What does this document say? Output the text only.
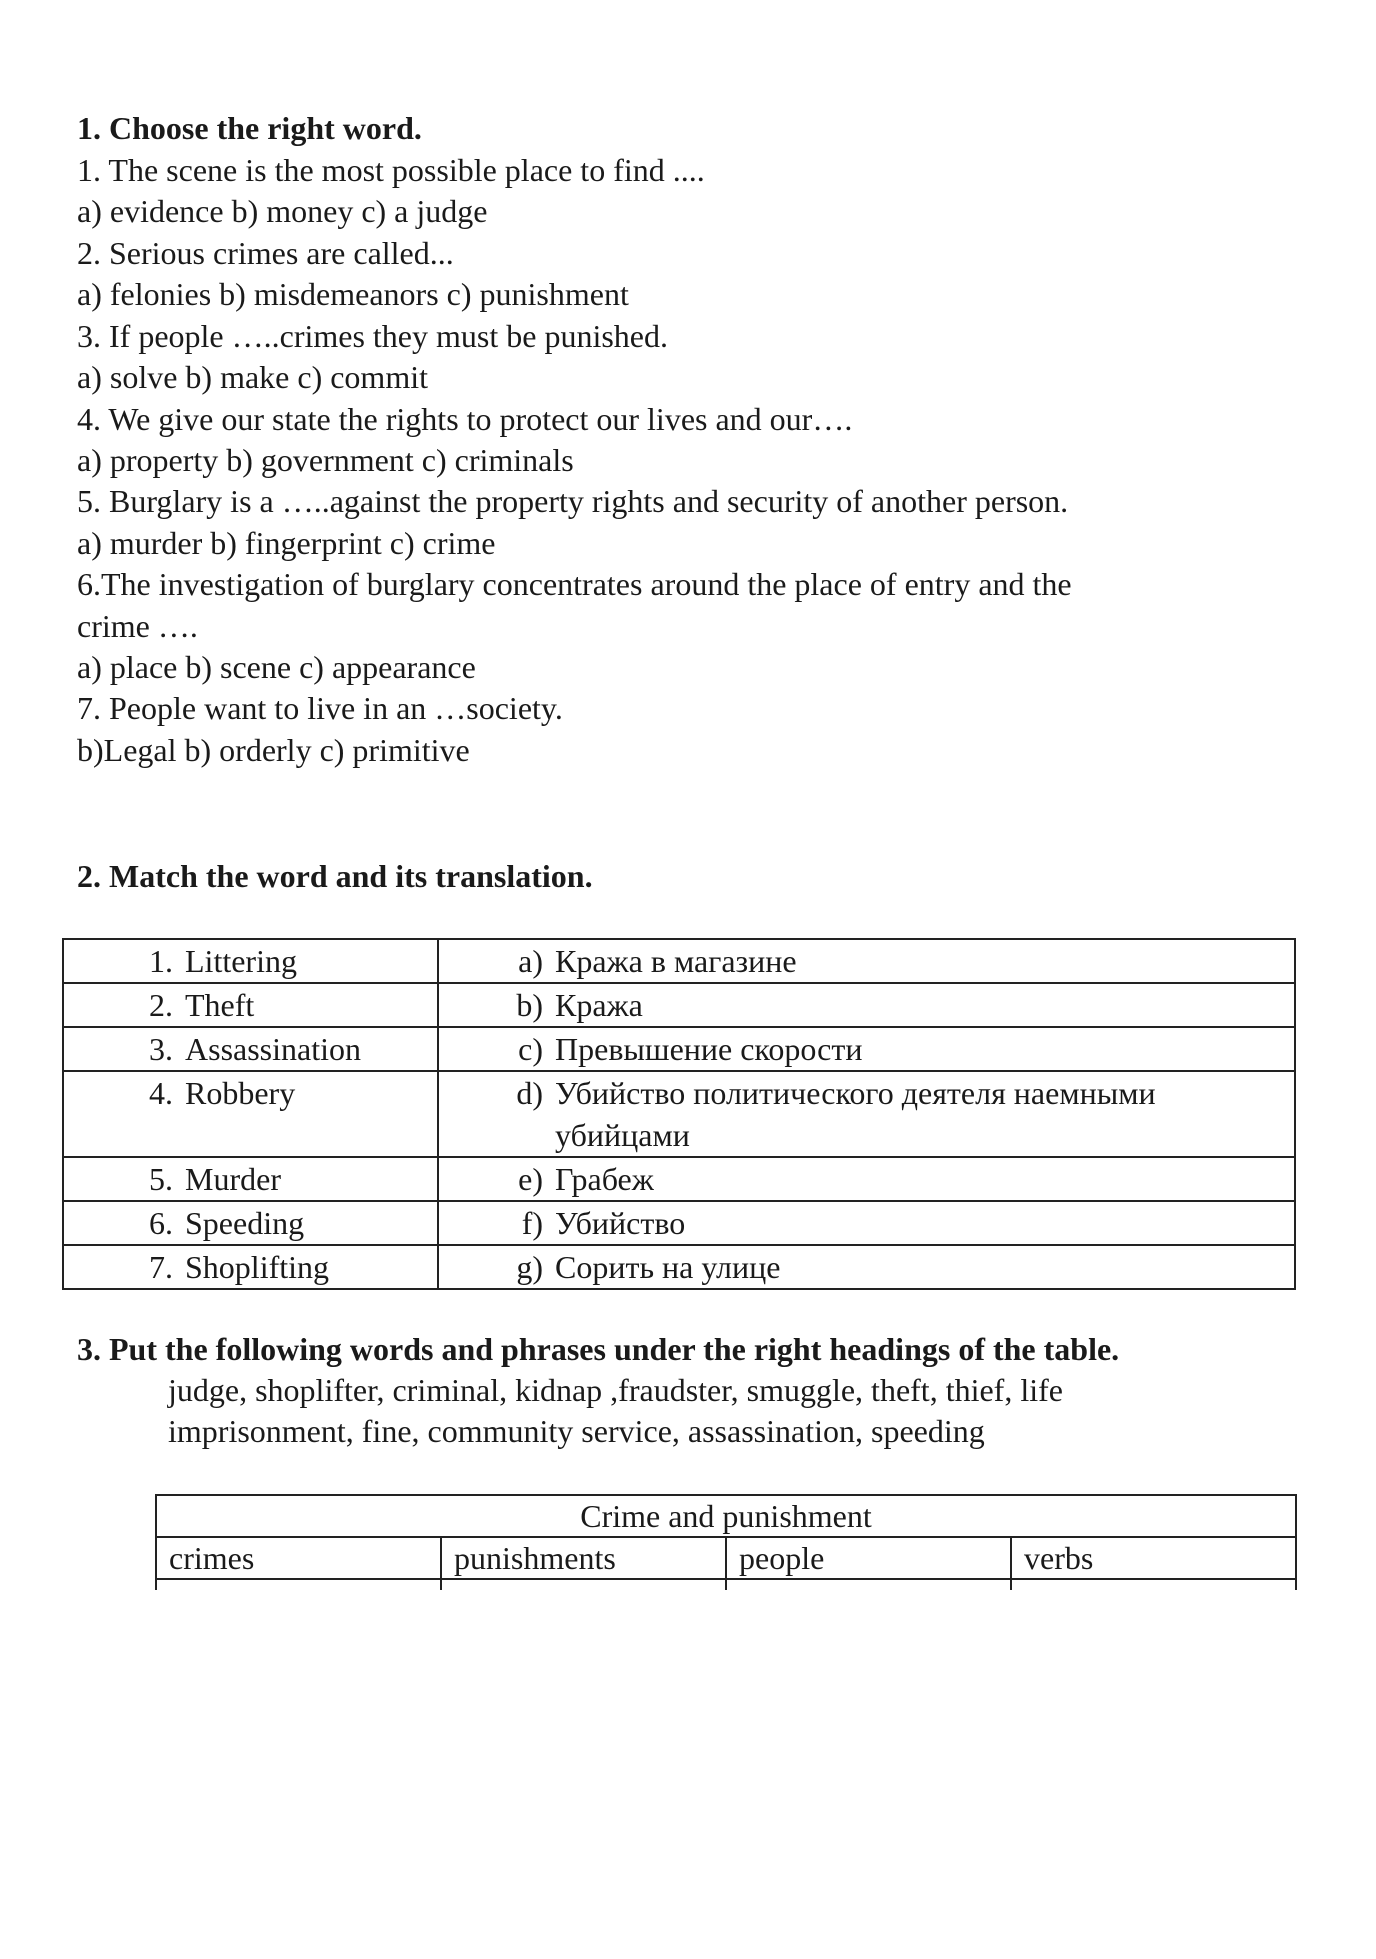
1. Choose the right word.
1. The scene is the most possible place to find ....
a) evidence b) money c) a judge
2. Serious crimes are called...
a) felonies b) misdemeanors c) punishment
3. If people …..crimes they must be punished.
a) solve b) make c) commit
4. We give our state the rights to protect our lives and our….
a) property b) government c) criminals
5. Burglary is a …..against the property rights and security of another person.
a) murder b) fingerprint c) crime
6.The investigation of burglary concentrates around the place of entry and the
crime ….
a) place b) scene c) appearance
7. People want to live in an …society.
b)Legal b) orderly c) primitive
2. Match the word and its translation.
1. Littering	a) Кража в магазине

2. Theft	b) Кража

3. Assassination	c) Превышение скорости

4. Robbery	d) Убийство политического деятеля наемными убийцами

5. Murder	e) Грабеж

6. Speeding	f) Убийство

7. Shoplifting	g) Сорить на улице
3. Put the following words and phrases under the right headings of the table.
judge, shoplifter, criminal, kidnap ,fraudster, smuggle, theft, thief, life
imprisonment, fine, community service, assassination, speeding
Crime and punishment			
crimes	punishments	people	verbs
